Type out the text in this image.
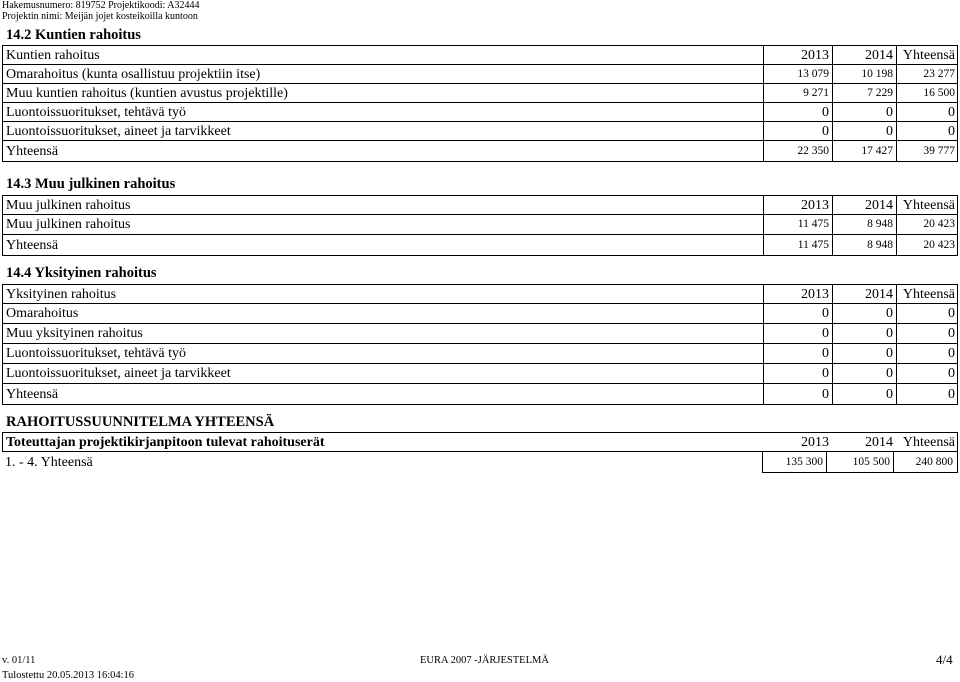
Hakemusnumero: 819752 Projektikoodi: A32444
Projektin nimi: Meijän jojet kosteikoilla kuntoon
14.2 Kuntien rahoitus
Kuntien rahoitus	2013	2014 Yhteensä
Omarahoitus (kunta osallistuu projektiin itse)	13 079	10 198	23 277
Muu kuntien rahoitus (kuntien avustus projektille)	9 271	7 229	16 500
Luontoissuoritukset, tehtävä työ	0	0	0
Luontoissuoritukset, aineet ja tarvikkeet	0	0	0
Yhteensä	22 350	17 427	39 777
14.3 Muu julkinen rahoitus
Muu julkinen rahoitus	2013	2014 Yhteensä
Muu julkinen rahoitus	11 475	8 948	20 423
Yhteensä	11 475	8 948	20 423
14.4 Yksityinen rahoitus
Yksityinen rahoitus	2013	2014 Yhteensä
Omarahoitus	0	0	0
Muu yksityinen rahoitus	0	0	0
Luontoissuoritukset, tehtävä työ	0	0	0
Luontoissuoritukset, aineet ja tarvikkeet	0	0	0
Yhteensä	0	0	0
RAHOITUSSUUNNITELMA YHTEENSÄ
Toteuttajan projektikirjanpitoon tulevat rahoituserät	2013	2014 Yhteensä
1. - 4. Yhteensä	135 300	105 500	240 800
v. 01/11	EURA 2007 -JÄRJESTELMÄ	4/4
Tulostettu 20.05.2013 16:04:16
